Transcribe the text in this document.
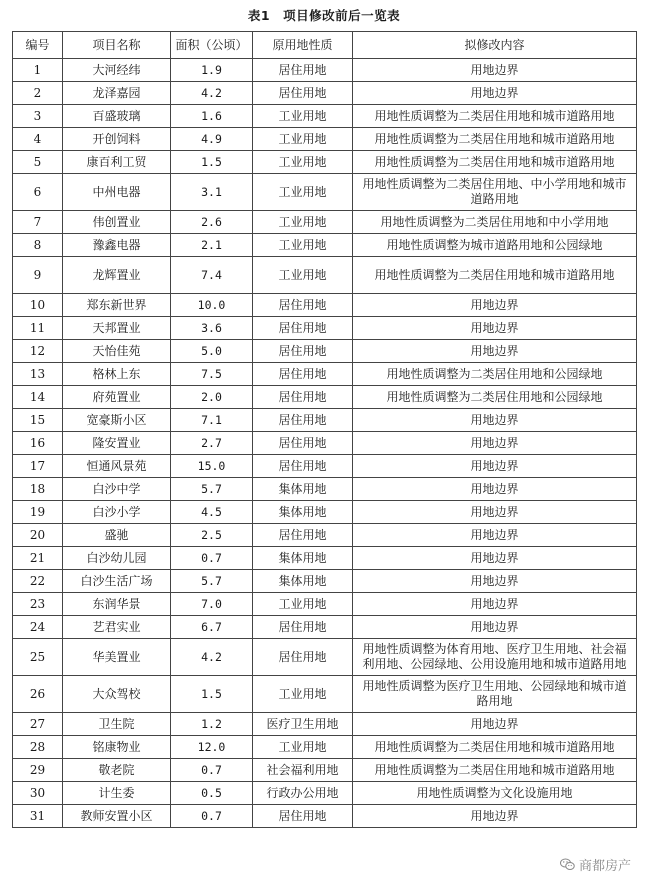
表1　项目修改前后一览表
编号	项目名称	面积（公顷）	原用地性质	拟修改内容
1	大河经纬	1.9	居住用地	用地边界
2	龙泽嘉园	4.2	居住用地	用地边界
3	百盛玻璃	1.6	工业用地	用地性质调整为二类居住用地和城市道路用地
4	开创饲料	4.9	工业用地	用地性质调整为二类居住用地和城市道路用地
5	康百利工贸	1.5	工业用地	用地性质调整为二类居住用地和城市道路用地
6	中州电器	3.1	工业用地	用地性质调整为二类居住用地、中小学用地和城市道路用地
7	伟创置业	2.6	工业用地	用地性质调整为二类居住用地和中小学用地
8	豫鑫电器	2.1	工业用地	用地性质调整为城市道路用地和公园绿地
9	龙辉置业	7.4	工业用地	用地性质调整为二类居住用地和城市道路用地
10	郑东新世界	10.0	居住用地	用地边界
11	天邦置业	3.6	居住用地	用地边界
12	天怡佳苑	5.0	居住用地	用地边界
13	格林上东	7.5	居住用地	用地性质调整为二类居住用地和公园绿地
14	府苑置业	2.0	居住用地	用地性质调整为二类居住用地和公园绿地
15	宽豪斯小区	7.1	居住用地	用地边界
16	隆安置业	2.7	居住用地	用地边界
17	恒通风景苑	15.0	居住用地	用地边界
18	白沙中学	5.7	集体用地	用地边界
19	白沙小学	4.5	集体用地	用地边界
20	盛驰	2.5	居住用地	用地边界
21	白沙幼儿园	0.7	集体用地	用地边界
22	白沙生活广场	5.7	集体用地	用地边界
23	东润华景	7.0	工业用地	用地边界
24	艺君实业	6.7	居住用地	用地边界
25	华美置业	4.2	居住用地	用地性质调整为体育用地、医疗卫生用地、社会福利用地、公园绿地、公用设施用地和城市道路用地
26	大众驾校	1.5	工业用地	用地性质调整为医疗卫生用地、公园绿地和城市道路用地
27	卫生院	1.2	医疗卫生用地	用地边界
28	铭康物业	12.0	工业用地	用地性质调整为二类居住用地和城市道路用地
29	敬老院	0.7	社会福利用地	用地性质调整为二类居住用地和城市道路用地
30	计生委	0.5	行政办公用地	用地性质调整为文化设施用地
31	教师安置小区	0.7	居住用地	用地边界
商都房产
